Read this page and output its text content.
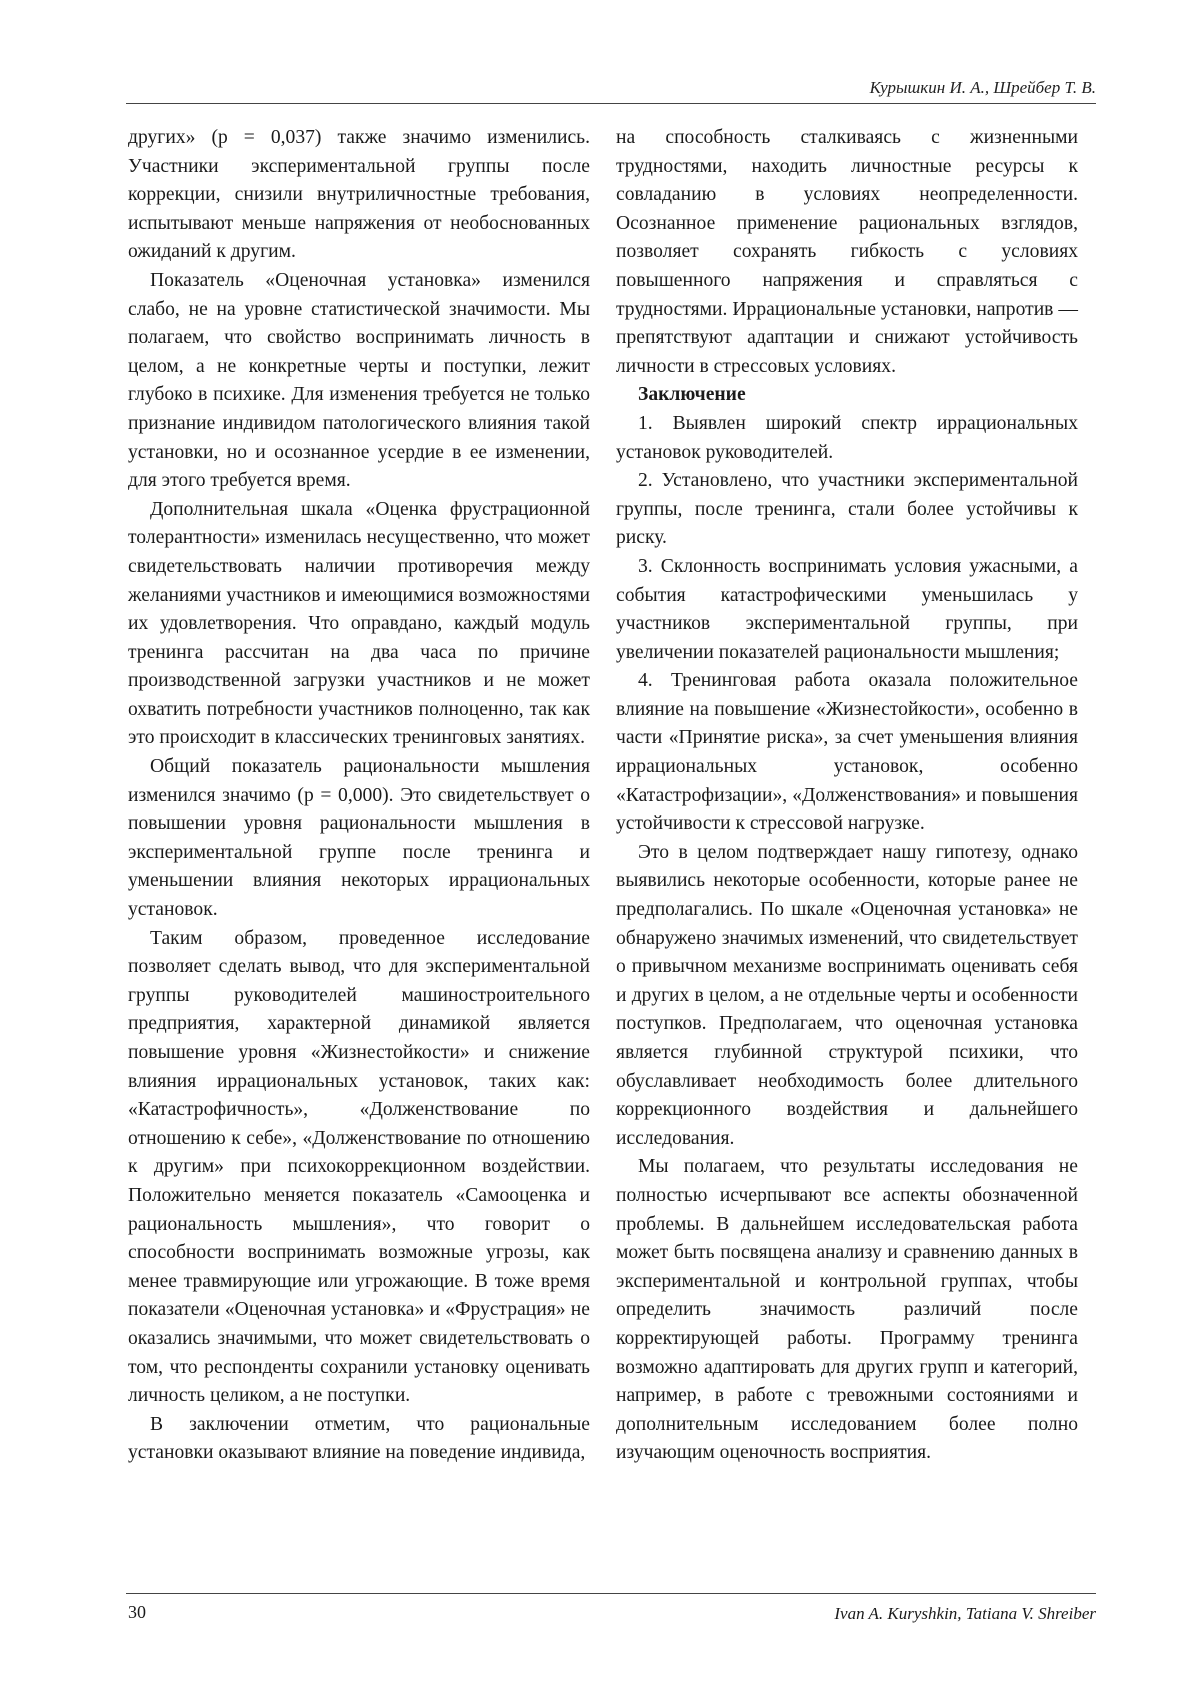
Курышкин И. А., Шрейбер Т. В.

других» (p = 0,037) также значимо изменились. Участники экспериментальной группы после коррекции, снизили внутриличностные требования, испытывают меньше напряжения от необоснованных ожиданий к другим.

Показатель «Оценочная установка» изменился слабо, не на уровне статистической значимости. Мы полагаем, что свойство воспринимать личность в целом, а не конкретные черты и поступки, лежит глубоко в психике. Для изменения требуется не только признание индивидом патологического влияния такой установки, но и осознанное усердие в ее изменении, для этого требуется время.

Дополнительная шкала «Оценка фрустрационной толерантности» изменилась несущественно, что может свидетельствовать наличии противоречия между желаниями участников и имеющимися возможностями их удовлетворения. Что оправдано, каждый модуль тренинга рассчитан на два часа по причине производственной загрузки участников и не может охватить потребности участников полноценно, так как это происходит в классических тренинговых занятиях.

Общий показатель рациональности мышления изменился значимо (p = 0,000). Это свидетельствует о повышении уровня рациональности мышления в экспериментальной группе после тренинга и уменьшении влияния некоторых иррациональных установок.

Таким образом, проведенное исследование позволяет сделать вывод, что для экспериментальной группы руководителей машиностроительного предприятия, характерной динамикой является повышение уровня «Жизнестойкости» и снижение влияния иррациональных установок, таких как: «Катастрофичность», «Долженствование по отношению к себе», «Долженствование по отношению к другим» при психокоррекционном воздействии. Положительно меняется показатель «Самооценка и рациональность мышления», что говорит о способности воспринимать возможные угрозы, как менее травмирующие или угрожающие. В тоже время показатели «Оценочная установка» и «Фрустрация» не оказались значимыми, что может свидетельствовать о том, что респонденты сохранили установку оценивать личность целиком, а не поступки.

В заключении отметим, что рациональные установки оказывают влияние на поведение индивида,

на способность сталкиваясь с жизненными трудностями, находить личностные ресурсы к совладанию в условиях неопределенности. Осознанное применение рациональных взглядов, позволяет сохранять гибкость с условиях повышенного напряжения и справляться с трудностями. Иррациональные установки, напротив — препятствуют адаптации и снижают устойчивость личности в стрессовых условиях.

Заключение

1. Выявлен широкий спектр иррациональных установок руководителей.

2. Установлено, что участники экспериментальной группы, после тренинга, стали более устойчивы к риску.

3. Склонность воспринимать условия ужасными, а события катастрофическими уменьшилась у участников экспериментальной группы, при увеличении показателей рациональности мышления;

4. Тренинговая работа оказала положительное влияние на повышение «Жизнестойкости», особенно в части «Принятие риска», за счет уменьшения влияния иррациональных установок, особенно «Катастрофизации», «Долженствования» и повышения устойчивости к стрессовой нагрузке.

Это в целом подтверждает нашу гипотезу, однако выявились некоторые особенности, которые ранее не предполагались. По шкале «Оценочная установка» не обнаружено значимых изменений, что свидетельствует о привычном механизме воспринимать оценивать себя и других в целом, а не отдельные черты и особенности поступков. Предполагаем, что оценочная установка является глубинной структурой психики, что обуславливает необходимость более длительного коррекционного воздействия и дальнейшего исследования.

Мы полагаем, что результаты исследования не полностью исчерпывают все аспекты обозначенной проблемы. В дальнейшем исследовательская работа может быть посвящена анализу и сравнению данных в экспериментальной и контрольной группах, чтобы определить значимость различий после корректирующей работы. Программу тренинга возможно адаптировать для других групп и категорий, например, в работе с тревожными состояниями и дополнительным исследованием более полно изучающим оценочность восприятия.

30	Ivan A. Kuryshkin, Tatiana V. Shreiber
